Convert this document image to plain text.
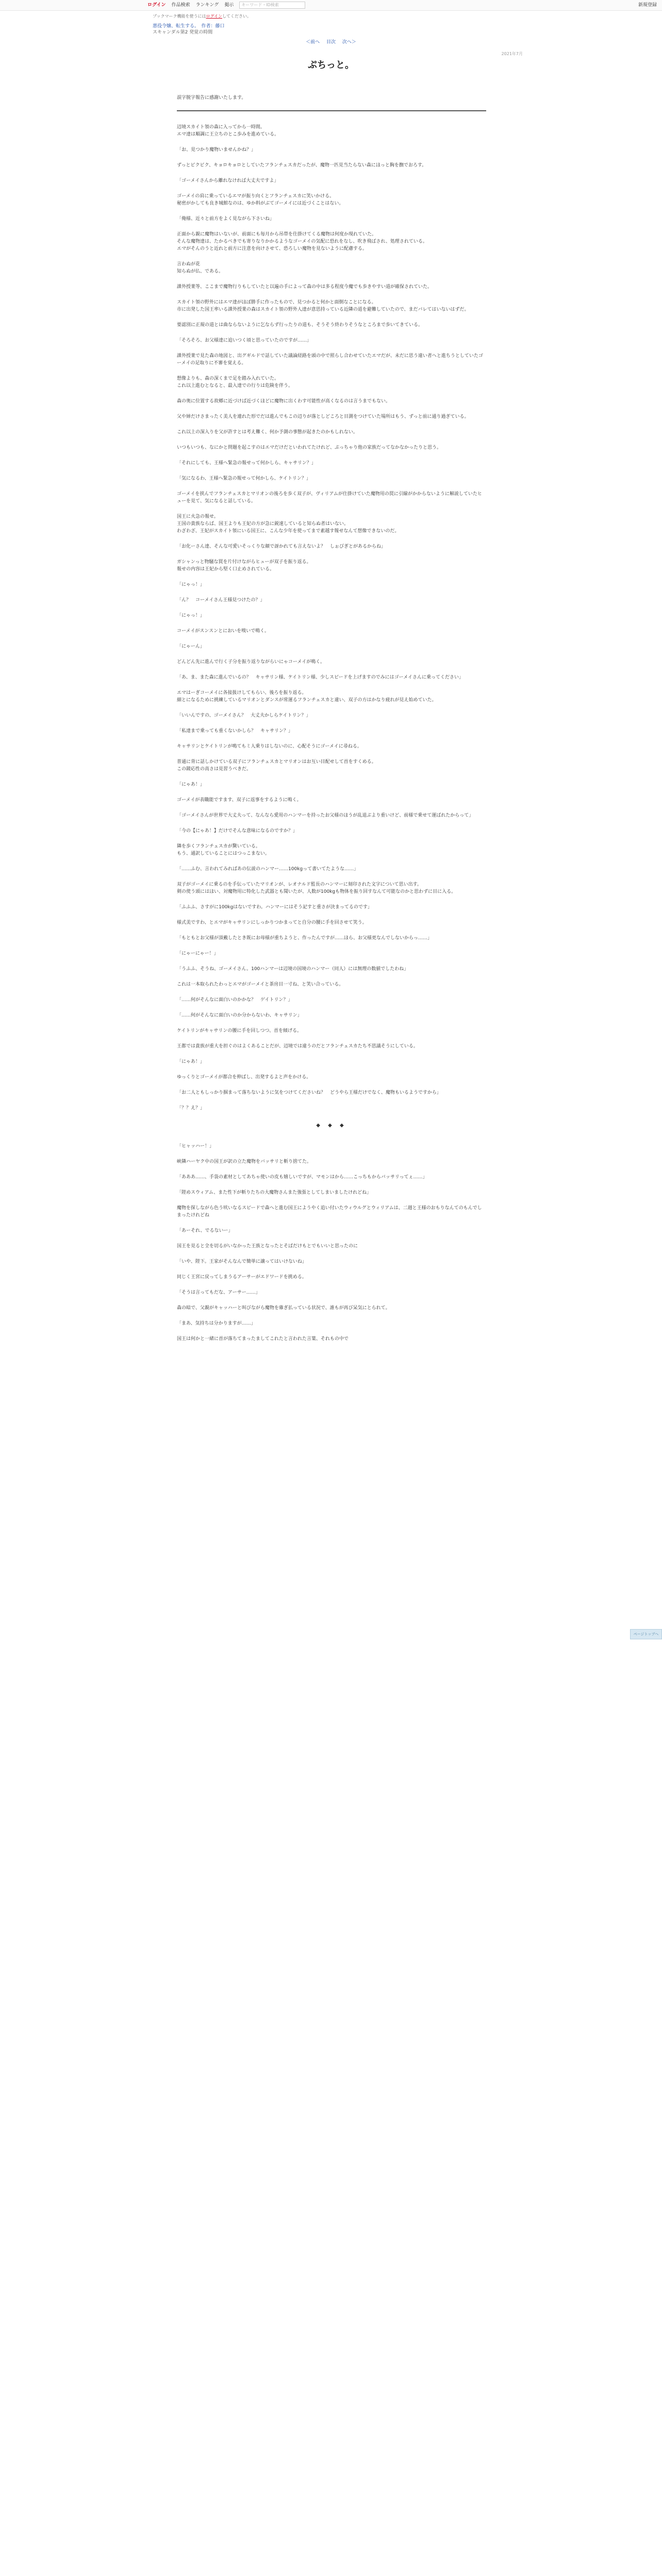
ログイン 作品検索 ランキング 掲示	キーワード・ID検索	新規登録
ブックマーク機能を使うにはログインしてください。
悪役令嬢、転生する。　作者：藤口
スキャンダル第2 発覚の時間
＜前へ 目次 次へ＞
2021年7月
ぷちっと。
誤字脱字報告に感謝いたします。

辺境スカイト領の森に入ってから一時間。
エマ達は順調に王立ちのとこ歩みを進めている。

「お、見つかり魔物いませんかね？」

ずっとビクビク、キョロキョロとしていたフランチェスカだったが、魔物一匹見当たらない森にほっと胸を撫でおろす。

「ゴーメイさんから離れなければ大丈夫ですよ」

ゴーメイの肩に乗っているエマが振り向くとフランチェスカに笑いかける。
秘密がかしても良き城館なのは、ゆか料がぶてゴーメイには近づくことはない。

「俺様、近々と前方をよく見ながら下さいね」

正面から親に魔物はいないが、前面にも毎月から吊帯を仕掛けてくる魔物は何度か現れていた。
そんな魔物達は、たかるべきでも寄りなりかかるようなゴーメイの気配に恐れをなし、吹き飛ばされ、処理されている。
エマがそんのうと近れと前方に注意を向けさせて、恐ろしい魔物を見ないように配慮する。

言わぬが花
知らぬが仏、である。

課外授業等、ここまで魔物行りもしていたと以遍の手によって森の中は多る程度今魔でも歩きやすい道が確保されていた。

スカイト領の野外にはエマ達がほぼ勝手に作ったもので、見つかると何かと面倒なことになる。
市に出発した国王率いる課外授業の森はスカイト領の野外人達が意思持っている近隣の道を避難していたので、まだバレてはいないはずだ。

要認別に正規の道とは曲ならないように乞ならず行ったりの道も、そうそう終わりそうなところまで歩いてきている。

「そろそろ、お父様達に追いつく頃と思っていたのですが……」

課外授業で見た森の地図と、出グギルドで話していた議論経路を頭の中で照らし合わせていたエマだが、未だに思う違い者へと進ちうとしていたゴーメイの足取りに不審を覚える。

想像よりも、森の深くまで足を踏み入れていた。
これ以上進むとなると、最入達での行りは危険を伴う。

森の奥に位置する故郷に近づけば近づくほどに魔物に出くわす可能性が高くなるのは言うまでもない。

父や姉だけさまったく美人を連れた形でだは進んでもこの辺りが落としどころと目測をつけていた場所はもう、ずっと前に通り過ぎている。

これ以上の深入りを父が許すとは考え難く、何か予測の事態が起きたのかもしれない。

いつもいつも、なにかと問題を起こすのはエマだけだといわれてたけれど、ぷっちゃり他の家族だってなかなかったりと思う。

「それにしても、王様へ緊急の報せって何かしら、キャサリン？」

「気になるわ、王様へ緊急の報せって何かしら、ケイトリン？」

ゴーメイを挟んでフランチェスカとマリオンの後ろを歩く双子が、ヴィリアムが仕掛けていた魔物用の罠に引線がかからないように解説していたヒューを見て、気になると話している。

国王に火急の報せ。
王国の貴族ならば、国王よりも王妃の方が急に鋭速していると知らぬ者はいない。
わざわざ、王妃がスカイト領にいる国王に、こんな少年を使ってまで素越す報せなんて想像できないのだ。

「お化ーさん達、そんな可愛いそっくりな顔で訝かれても言えないよ？　しぉびぎとがあるからね」

ガシャンっと物騒な罠を片付けながらヒューが双子を振り返る。
報せの内容は王妃から堅く口止めされている。

「にゃっ！」

「ん？　コーメイさん王様見つけたの？」

「にゃっ！」

コーメイがスンスンとにおいを嗅いで鳴く。

「にゃーん」

どんどん先に進んで行く子分を振り返りながらいにゃコーメイが鳴く。

「あ、ま、また森に進んでいるの？　キャサリン様、ケイトリン様、少しスピードを上げますのでみにはゴーメイさんに乗ってください」

エマはーぎコーメイに各接扱けしてもらい、後ろを振り返る。
細とになるために挑練しているマリオンとダンスが常運るフランチェスカと違い、双子の方はかなり疲れが見え始めていた。

「いいんですの、ゴーメイさん？　大丈夫かしらケイトリン？」

「私達まで乗っても重くないかしら？　キャサリン？」

キャサリンとケイトリンが鳴てもミ人乗りはしないのに、心配そうにゴーメイに尋ねる。

普通に背に話しかけている双子にフランチェスカとマリオンはお互い目配せして首をすくめる。
この鏡応性の高さは見習うべきだ。

「にゃあ！」

ゴーメイが表職能ですます、双子に返事をするように鳴く。

「ゴーメイさんが世界で大丈夫って、なんなら愛用のハンマーを持ったお父様のほうが乱退ぶより重いけど、前様で乗せて運ばれたからって」

「今の【にゃあ！】だけでそんな意味になるのですか？」

隣を歩くフランチェスカが驚いている。
もう、通訳していることにはつっこまない。

「……ふむ、言われてみればあの伝説のハンマー……100kgって書いてたような……」

双子がゴーメイに乗るのを手伝っていたマリオンが、レオナルド監長のハンマーに刻印された文字について思い出す。
剣の使う頭にはほい、対魔物用に特化した武器とも聞いたが、人数が100kgも物体を振り回すなんて可能なのかと思わずに目に入る。

「ふふふ、さすがに100kgはないですわ。ハンマーにはそう記すと重さが決まってるのです」

様式美ですわ、とエマがキャサリンにしっかりつかまってと自分の腰に手を回させて笑う。

「もともとお父様が頂戴したとき既にお母様が重ちようと、作ったんですが……ほら、お父様更なんでしないからっ……」

「にゃーにゃー！」

「うふふ、そうね、ゴーメイさん。100ハンマーは辺境の国境のハンマー（同人）には無理の数値でしたわね」

これは一本取られたわっとエマがゴーメイと茶房目一寸ね、と笑い合っている。

「……何がそんなに面白いのかかな？　ゲイトリン？」

「……何がそんなに面白いのか分からないわ、キャサリン」

ケイトリンがキャサリンの腰に手を回しつつ、首を傾げる。

王都では貴族が重大を担ぐのはよくあることだが、辺境では違うのだとフランチェスカたち不思議そうにしている。

「にゃあ！」

ゆっくりとゴーメイが都合を伸ばし、出発するよと声をかける。

「お二人ともしっかり掴まって落ちないように気をつけてくださいね？　どうやら王様だけでなく、魔物もいるようですから」

「？？え？」

◆ ◆ ◆

「ヒャッハー！」

峡隣ハーヤク中の国王が訳の立た魔物をバッサリと斬り捨てた。

「あああ……、手袋の素材としてあちゃ使いの皮も嬉しいですが、マモンはから……こっちもからバッサリってぇ……」

「陛めスウィアム、また性下が斬りたちの大魔物さんまた強張としてしまいましたけれどね」

魔物を探しながら色う吠いなるスピードで森へと進む国王にようやく追い付いたウィウルグとウィリアムは、二週と王様のおもりなんてのもんでしまったけれどね

「あーそれ、でるないー」

国王を見ると全を切るがいなかった王族となったとそばだけもとでもいいと思ったのに

「いや、陛下。王家がそんなんで簡単に譲ってはいけないね」

同じく王宮に戻ってしまうるアーサーがエドワードを挑める。

「そうは言ってもだな、アーサー……」

森の暗で、父親がキャッハーと叫びながら魔物を薙ぎ払っている状況で、誰もが再び呆気にとられて。

「まあ、気持ちは分かりますが……」

国王は何かと一緒に首が落ちてまったましてこれたと言われた言葉、それもの中で

ページトップへ
